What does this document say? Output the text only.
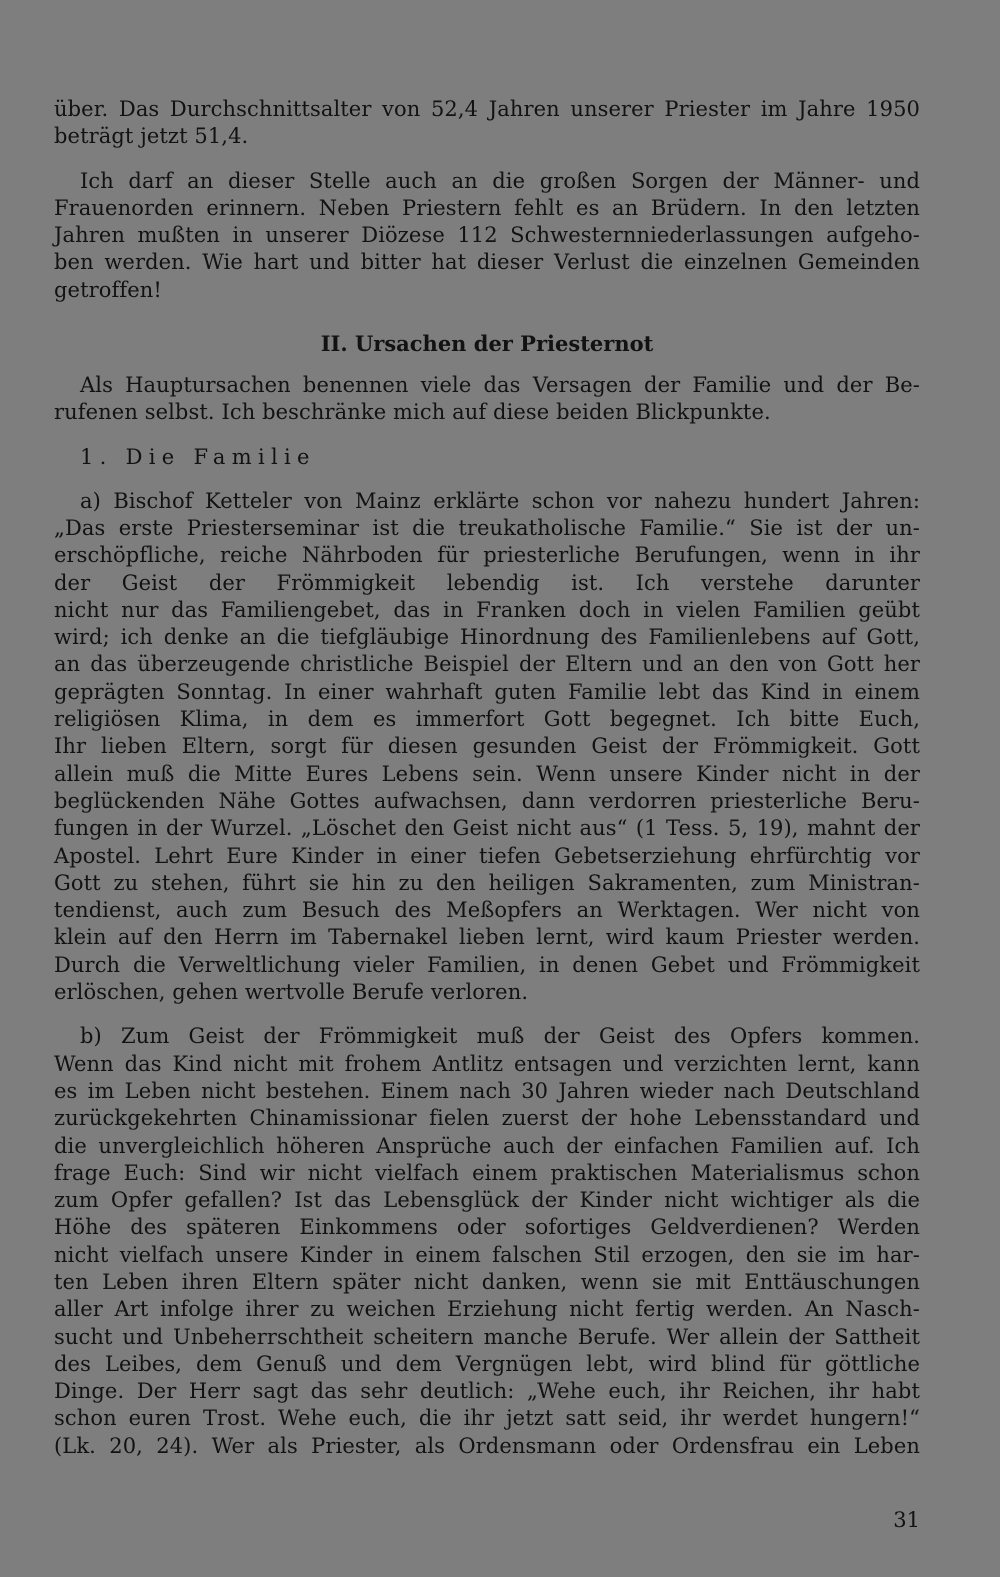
über. Das Durchschnittsalter von 52,4 Jahren unserer Priester im Jahre 1950
beträgt jetzt 51,4.
Ich darf an dieser Stelle auch an die großen Sorgen der Männer- und
Frauenorden erinnern. Neben Priestern fehlt es an Brüdern. In den letzten
Jahren mußten in unserer Diözese 112 Schwesternniederlassungen aufgeho-
ben werden. Wie hart und bitter hat dieser Verlust die einzelnen Gemeinden
getroffen!
II. Ursachen der Priesternot
Als Hauptursachen benennen viele das Versagen der Familie und der Be-
rufenen selbst. Ich beschränke mich auf diese beiden Blickpunkte.
1. Die Familie
a) Bischof Ketteler von Mainz erklärte schon vor nahezu hundert Jahren:
„Das erste Priesterseminar ist die treukatholische Familie.“ Sie ist der un-
erschöpfliche, reiche Nährboden für priesterliche Berufungen, wenn in ihr
der Geist der Frömmigkeit lebendig ist. Ich verstehe darunter
nicht nur das Familiengebet, das in Franken doch in vielen Familien geübt
wird; ich denke an die tiefgläubige Hinordnung des Familienlebens auf Gott,
an das überzeugende christliche Beispiel der Eltern und an den von Gott her
geprägten Sonntag. In einer wahrhaft guten Familie lebt das Kind in einem
religiösen Klima, in dem es immerfort Gott begegnet. Ich bitte Euch,
Ihr lieben Eltern, sorgt für diesen gesunden Geist der Frömmigkeit. Gott
allein muß die Mitte Eures Lebens sein. Wenn unsere Kinder nicht in der
beglückenden Nähe Gottes aufwachsen, dann verdorren priesterliche Beru-
fungen in der Wurzel. „Löschet den Geist nicht aus“ (1 Tess. 5, 19), mahnt der
Apostel. Lehrt Eure Kinder in einer tiefen Gebetserziehung ehrfürchtig vor
Gott zu stehen, führt sie hin zu den heiligen Sakramenten, zum Ministran-
tendienst, auch zum Besuch des Meßopfers an Werktagen. Wer nicht von
klein auf den Herrn im Tabernakel lieben lernt, wird kaum Priester werden.
Durch die Verweltlichung vieler Familien, in denen Gebet und Frömmigkeit
erlöschen, gehen wertvolle Berufe verloren.
b) Zum Geist der Frömmigkeit muß der Geist des Opfers kommen.
Wenn das Kind nicht mit frohem Antlitz entsagen und verzichten lernt, kann
es im Leben nicht bestehen. Einem nach 30 Jahren wieder nach Deutschland
zurückgekehrten Chinamissionar fielen zuerst der hohe Lebensstandard und
die unvergleichlich höheren Ansprüche auch der einfachen Familien auf. Ich
frage Euch: Sind wir nicht vielfach einem praktischen Materialismus schon
zum Opfer gefallen? Ist das Lebensglück der Kinder nicht wichtiger als die
Höhe des späteren Einkommens oder sofortiges Geldverdienen? Werden
nicht vielfach unsere Kinder in einem falschen Stil erzogen, den sie im har-
ten Leben ihren Eltern später nicht danken, wenn sie mit Enttäuschungen
aller Art infolge ihrer zu weichen Erziehung nicht fertig werden. An Nasch-
sucht und Unbeherrschtheit scheitern manche Berufe. Wer allein der Sattheit
des Leibes, dem Genuß und dem Vergnügen lebt, wird blind für göttliche
Dinge. Der Herr sagt das sehr deutlich: „Wehe euch, ihr Reichen, ihr habt
schon euren Trost. Wehe euch, die ihr jetzt satt seid, ihr werdet hungern!“
(Lk. 20, 24). Wer als Priester, als Ordensmann oder Ordensfrau ein Leben
31
